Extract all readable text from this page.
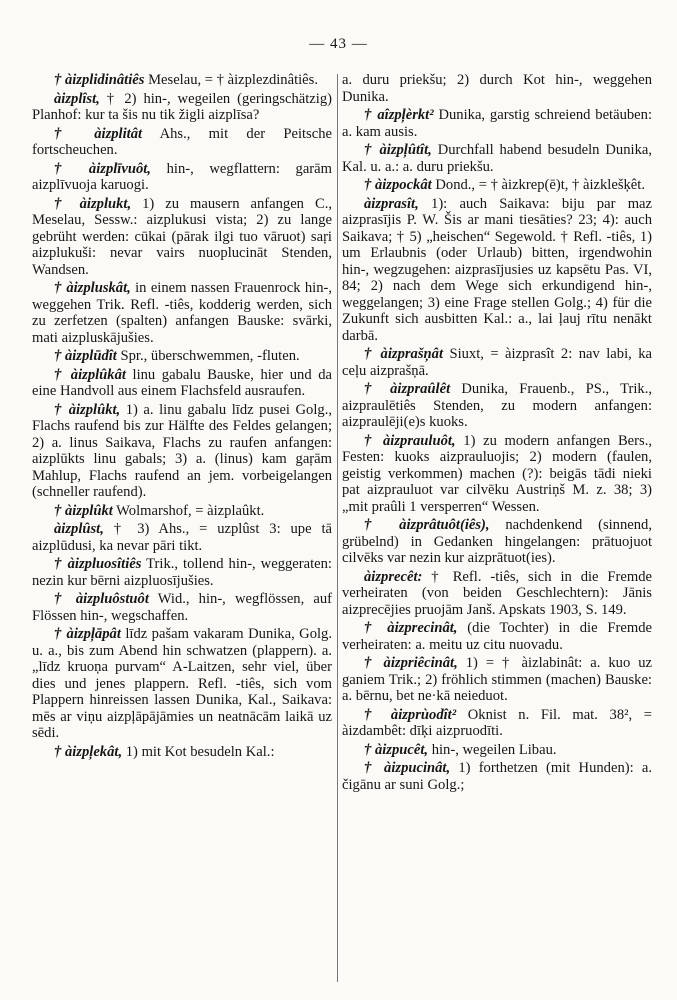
— 43 —

† àizplidinâtiês Meselau, = † àizplezdinâtiês.

àizplîst, † 2) hin-, wegeilen (geringschätzig) Planhof: kur ta šis nu tik žigli aizplīsa?

† àizplitât Ahs., mit der Peitsche fortscheuchen.

† àizplīvuôt, hin-, wegflattern: garām aizplīvuoja karuogi.

† àizplukt, 1) zu mausern anfangen C., Meselau, Sessw.: aizplukusi vista; 2) zu lange gebrüht werden: cūkai (pārak ilgi tuo vāruot) saŗi aizplukuši: nevar vairs nuoplucināt Stenden, Wandsen.

† àizpluskât, in einem nassen Frauenrock hin-, weggehen Trik. Refl. -tiês, kodderig werden, sich zu zerfetzen (spalten) anfangen Bauske: svārki, mati aizpluskājušies.

† àizplūdît Spr., überschwemmen, -fluten.

† àizplûkât linu gabalu Bauske, hier und da eine Handvoll aus einem Flachsfeld ausraufen.

† àizplûkt, 1) a. linu gabalu līdz pusei Golg., Flachs raufend bis zur Hälfte des Feldes gelangen; 2) a. linus Saikava, Flachs zu raufen anfangen: aizplūkts linu gabals; 3) a. (linus) kam gaŗām Mahlup, Flachs raufend an jem. vorbeigelangen (schneller raufend).

† àizplûkt Wolmarshof, = àizplaûkt.

àizplûst, † 3) Ahs., = uzplûst 3: upe tā aizplūdusi, ka nevar pāri tikt.

† àizpluosîtiês Trik., tollend hin-, weggeraten: nezin kur bērni aizpluosījušies.

† àizpluôstuôt Wid., hin-, wegflössen, auf Flössen hin-, wegschaffen.

† àizpļāpât līdz pašam vakaram Dunika, Golg. u. a., bis zum Abend hin schwatzen (plappern). a. „līdz kruoņa purvam“ A-Laitzen, sehr viel, über dies und jenes plappern. Refl. -tiês, sich vom Plappern hinreissen lassen Dunika, Kal., Saikava: mēs ar viņu aizpļāpājāmies un neatnācām laikā uz sēdi.

† àizpļekât, 1) mit Kot besudeln Kal.:

a. duru priekšu; 2) durch Kot hin-, weggehen Dunika.

† aîzpļèrkt² Dunika, garstig schreiend betäuben: a. kam ausis.

† àizpļûtît, Durchfall habend besudeln Dunika, Kal. u. a.: a. duru priekšu.

† àizpockât Dond., = † àizkrep(ē)t, † àizklešķêt.

àizprasît, 1): auch Saikava: biju par maz aizprasījis P. W. Šis ar mani tiesāties? 23; 4): auch Saikava; † 5) „heischen“ Segewold. † Refl. -tiês, 1) um Erlaubnis (oder Urlaub) bitten, irgendwohin hin-, wegzugehen: aizprasījusies uz kapsētu Pas. VI, 84; 2) nach dem Wege sich erkundigend hin-, weggelangen; 3) eine Frage stellen Golg.; 4) für die Zukunft sich ausbitten Kal.: a., lai ļauj rītu nenākt darbā.

† àizprašņât Siuxt, = àizprasît 2: nav labi, ka ceļu aizprašņā.

† àizpraûlêt Dunika, Frauenb., PS., Trik., aizpraulētiês Stenden, zu modern anfangen: aizpraulēji(e)s kuoks.

† àizprauluôt, 1) zu modern anfangen Bers., Festen: kuoks aizprauluojis; 2) modern (faulen, geistig verkommen) machen (?): beigās tādi nieki pat aizprauluot var cilvēku Austriņš M. z. 38; 3) „mit praûli 1 versperren“ Wessen.

† àizprâtuôt(iês), nachdenkend (sinnend, grübelnd) in Gedanken hingelangen: prātuojuot cilvēks var nezin kur aizprātuot(ies).

àizprecêt: † Refl. -tiês, sich in die Fremde verheiraten (von beiden Geschlechtern): Jānis aizprecējies pruojām Janš. Apskats 1903, S. 149.

† àizprecinât, (die Tochter) in die Fremde verheiraten: a. meitu uz citu nuovadu.

† àizpriêcinât, 1) = † àizlabinât: a. kuo uz ganiem Trik.; 2) fröhlich stimmen (machen) Bauske: a. bērnu, bet ne·kā neieduot.

† àizprùodît² Oknist n. Fil. mat. 38², = àizdambêt: dīķi aizpruodīti.

† àizpucêt, hin-, wegeilen Libau.

† àizpucinât, 1) forthetzen (mit Hunden): a. čigānu ar suni Golg.;
